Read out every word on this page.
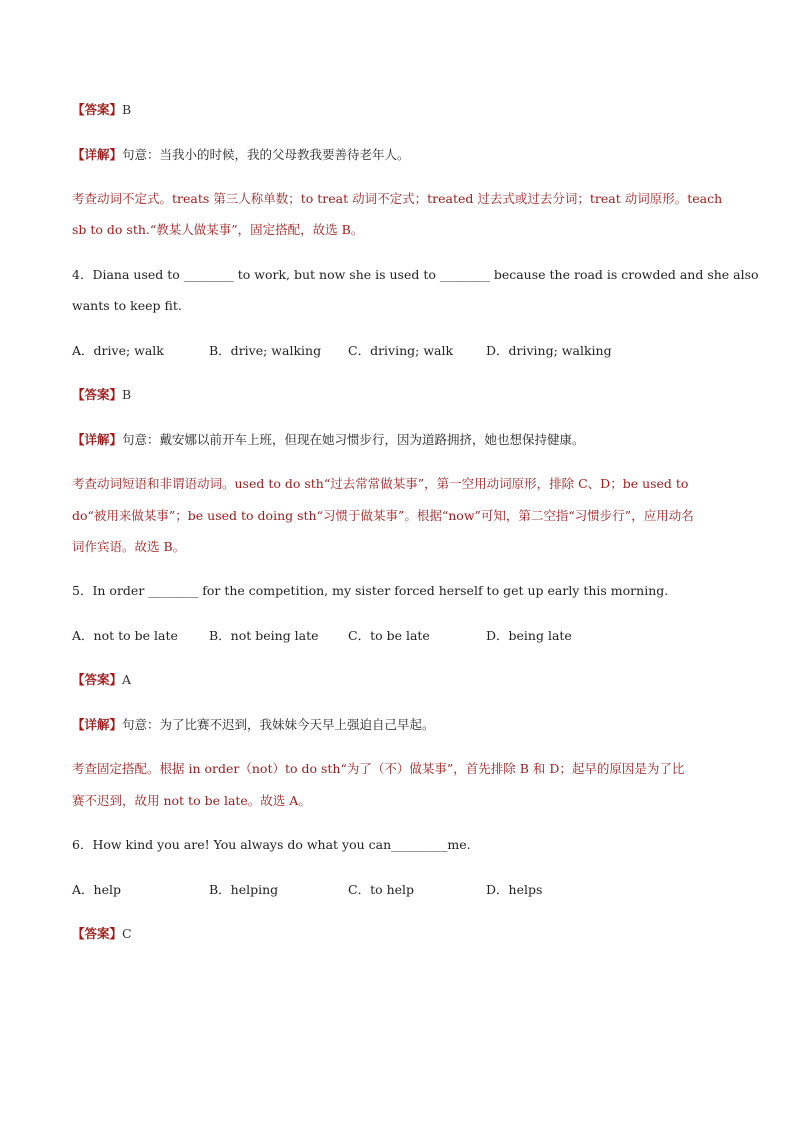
【答案】B
【详解】句意：当我小的时候，我的父母教我要善待老年人。
考查动词不定式。treats 第三人称单数；to treat 动词不定式；treated 过去式或过去分词；treat 动词原形。teach
sb to do sth.“教某人做某事”，固定搭配，故选 B。
4．Diana used to ________ to work, but now she is used to ________ because the road is crowded and she also
wants to keep fit.
A．drive; walk	B．drive; walking C．driving; walk	D．driving; walking
【答案】B
【详解】句意：戴安娜以前开车上班，但现在她习惯步行，因为道路拥挤，她也想保持健康。
考查动词短语和非谓语动词。used to do sth“过去常常做某事”，第一空用动词原形，排除 C、D；be used to
do“被用来做某事”；be used to doing sth“习惯于做某事”。根据“now”可知，第二空指“习惯步行”，应用动名
词作宾语。故选 B。
5．In order ________ for the competition, my sister forced herself to get up early this morning.
A．not to be late B．not being late C．to be late	D．being late
【答案】A
【详解】句意：为了比赛不迟到，我妹妹今天早上强迫自己早起。
考查固定搭配。根据 in order（not）to do sth“为了（不）做某事”，首先排除 B 和 D；起早的原因是为了比
赛不迟到，故用 not to be late。故选 A。
6．How kind you are! You always do what you can_________me.
A．help	B．helping	C．to help	D．helps
【答案】C
